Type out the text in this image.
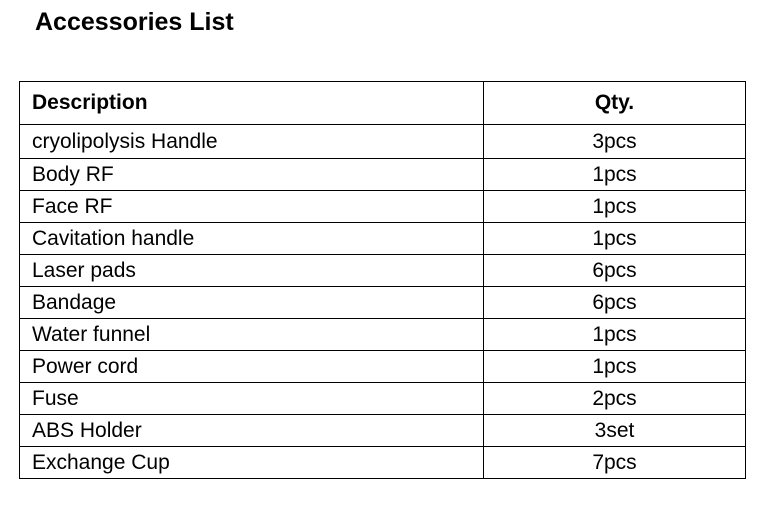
Accessories List
Description	Qty.
cryolipolysis Handle	3pcs
Body RF	1pcs
Face RF	1pcs
Cavitation handle	1pcs
Laser pads	6pcs
Bandage	6pcs
Water funnel	1pcs
Power cord	1pcs
Fuse	2pcs
ABS Holder	3set
Exchange Cup	7pcs
